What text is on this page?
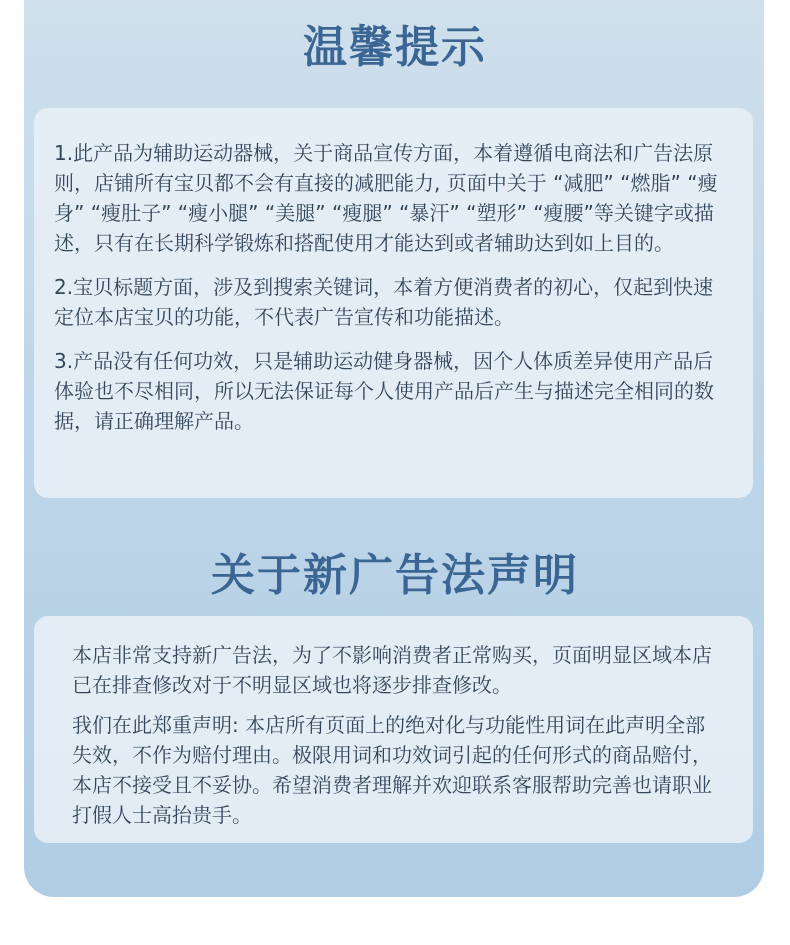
温馨提示

1.此产品为辅助运动器械，关于商品宣传方面，本着遵循电商法和广告法原则，店铺所有宝贝都不会有直接的减肥能力, 页面中关于 “减肥” “燃脂” “瘦身” “瘦肚子” “瘦小腿” “美腿” “瘦腿” “暴汗” “塑形” “瘦腰”等关键字或描述，只有在长期科学锻炼和搭配使用才能达到或者辅助达到如上目的。

2.宝贝标题方面，涉及到搜索关键词，本着方便消费者的初心，仅起到快速定位本店宝贝的功能，不代表广告宣传和功能描述。

3.产品没有任何功效，只是辅助运动健身器械，因个人体质差异使用产品后体验也不尽相同，所以无法保证每个人使用产品后产生与描述完全相同的数据，请正确理解产品。

关于新广告法声明

本店非常支持新广告法，为了不影响消费者正常购买，页面明显区域本店已在排查修改对于不明显区域也将逐步排查修改。

我们在此郑重声明: 本店所有页面上的绝对化与功能性用词在此声明全部失效，不作为赔付理由。极限用词和功效词引起的任何形式的商品赔付，本店不接受且不妥协。希望消费者理解并欢迎联系客服帮助完善也请职业打假人士高抬贵手。
